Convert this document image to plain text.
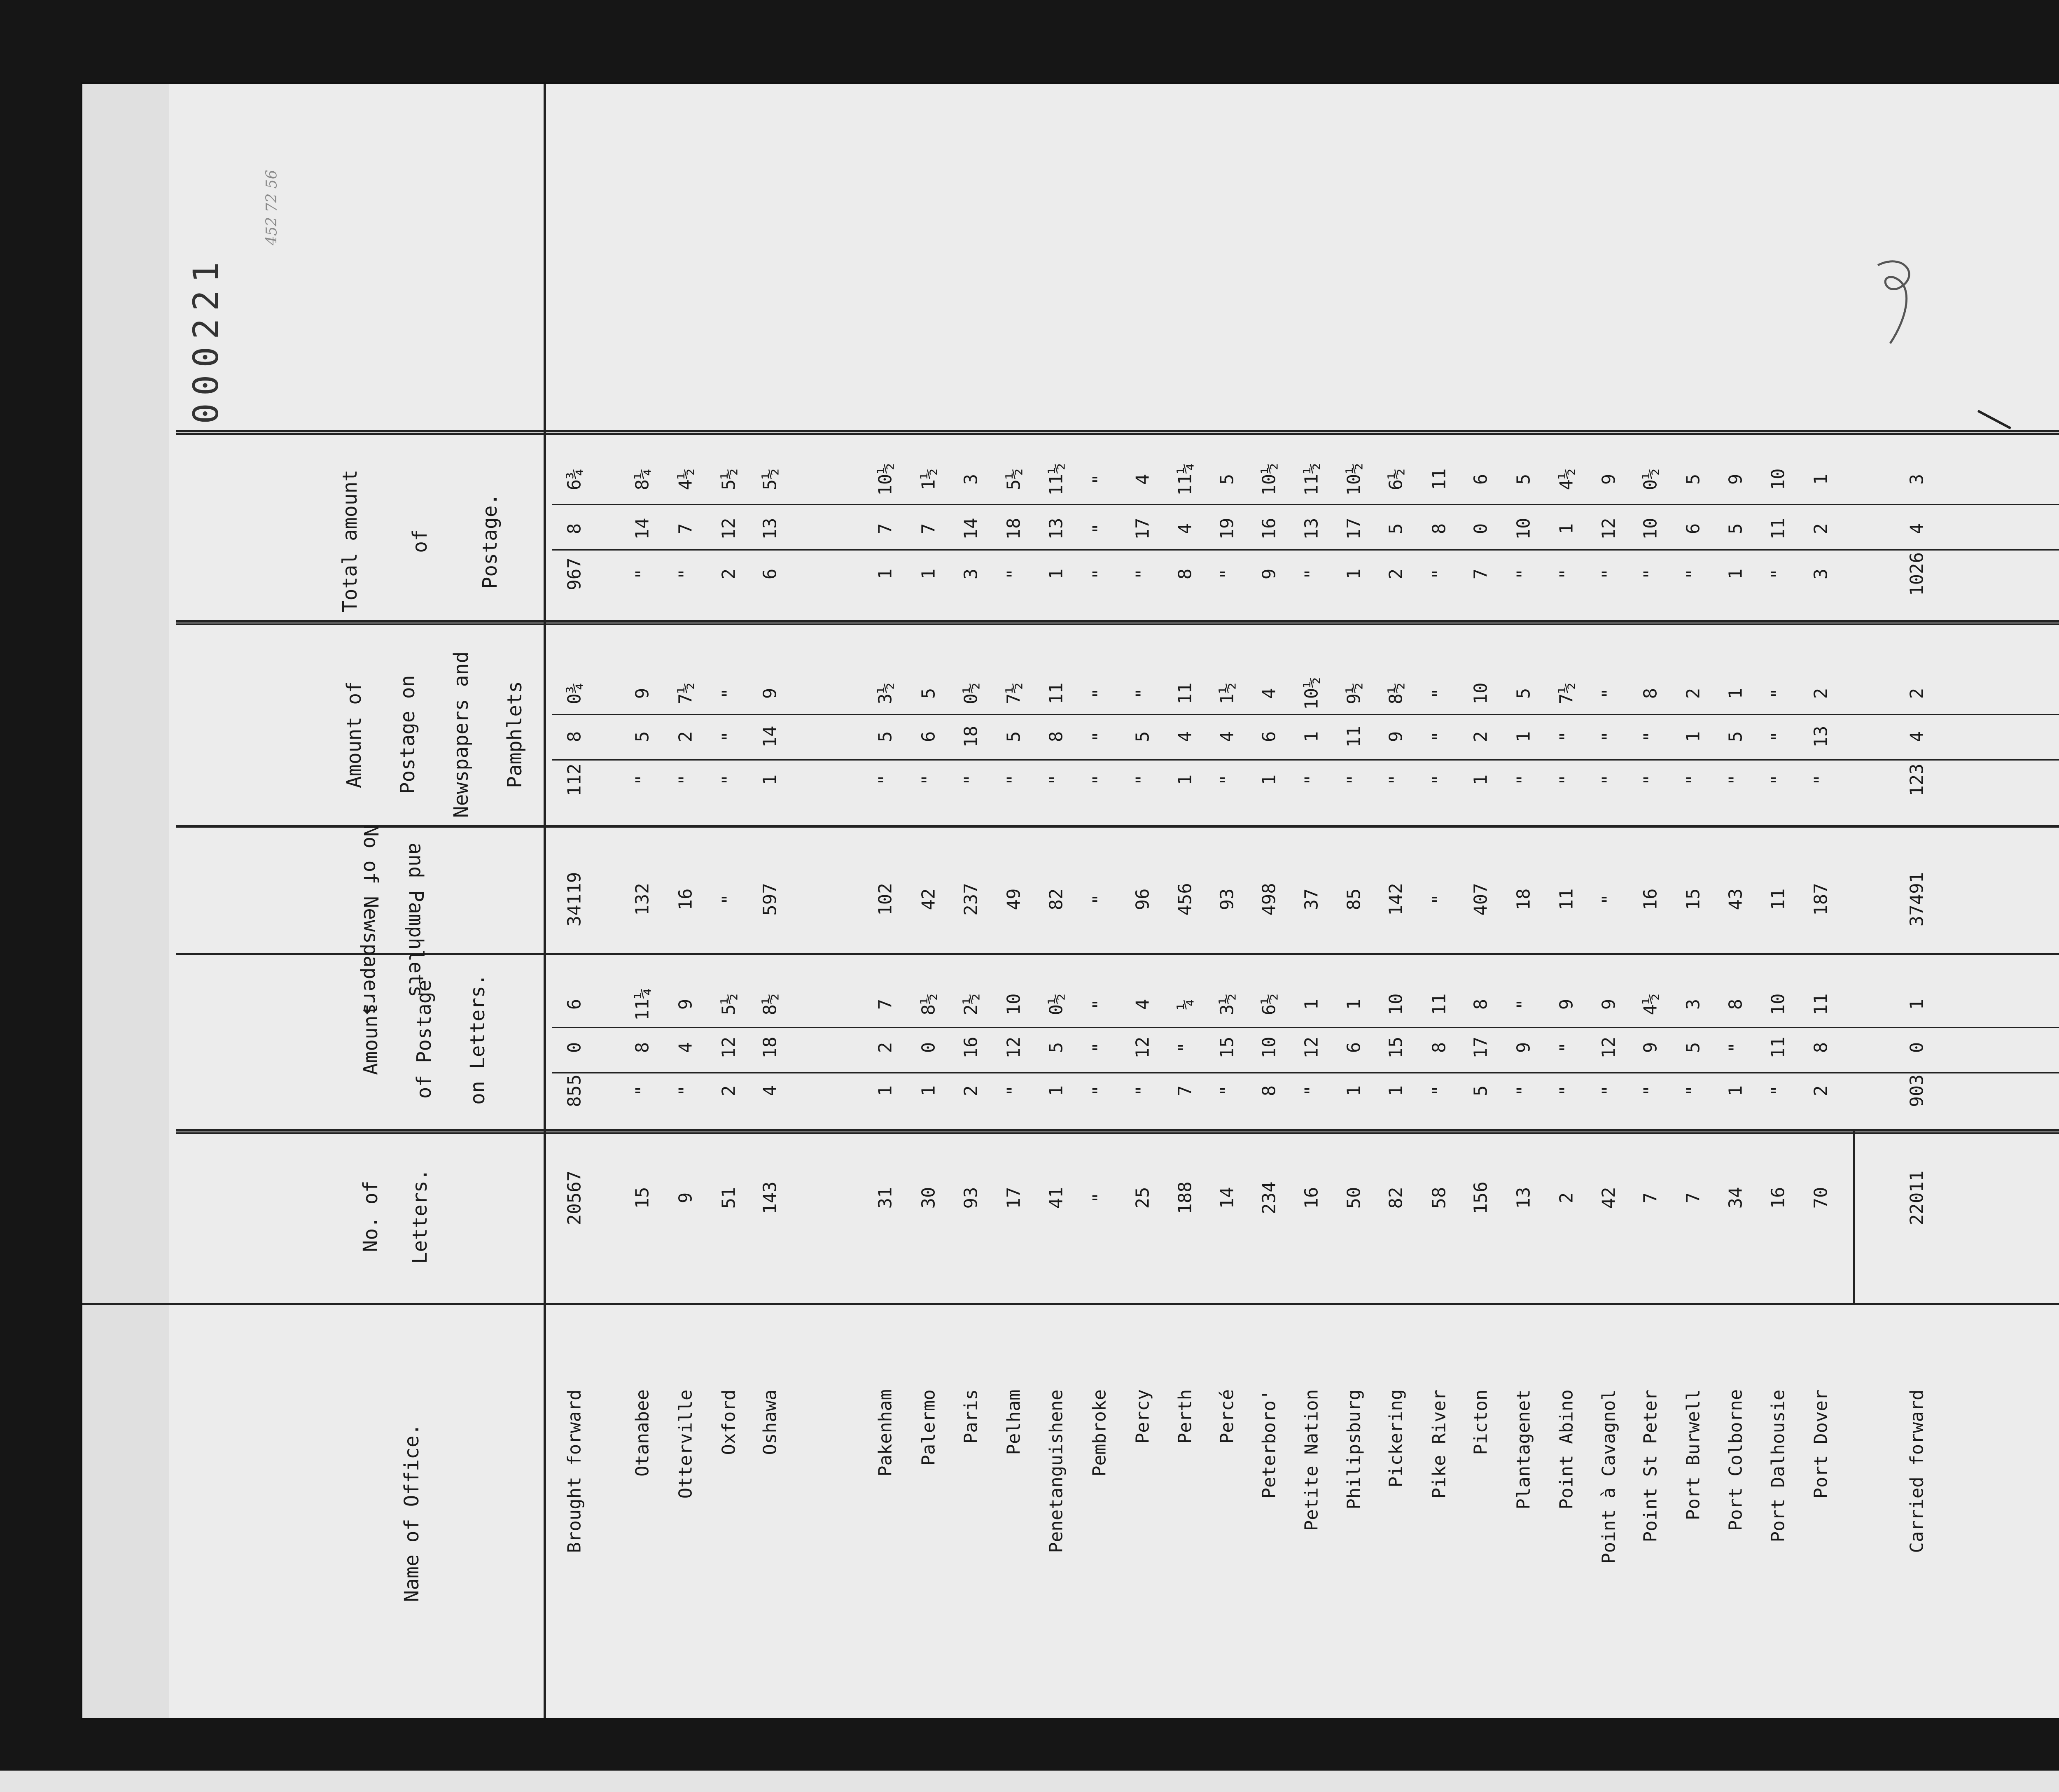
000221
452 72 56
Name of Office.
No. of Letters.
Amount of Postage on Letters.
No of Newspapers and Pamphlets
Amount of Postage on Newspapers and Pamphlets
Total amount of Postage.
Brought forward
20567
855
0
6
34119
112
8
0¾
967
8
6¾
Otanabee
15
"
8
11¼
132
"
5
9
"
14
8¼
Otterville
9
"
4
9
16
"
2
7½
"
7
4½
Oxford
51
2
12
5½
"
"
"
"
2
12
5½
Oshawa
143
4
18
8½
597
1
14
9
6
13
5½
Pakenham
31
1
2
7
102
"
5
3½
1
7
10½
Palermo
30
1
0
8½
42
"
6
5
1
7
1½
Paris
93
2
16
2½
237
"
18
0½
3
14
3
Pelham
17
"
12
10
49
"
5
7½
"
18
5½
Penetanguishene
41
1
5
0½
82
"
8
11
1
13
11½
Pembroke
"
"
"
"
"
"
"
"
"
"
"
Percy
25
"
12
4
96
"
5
"
"
17
4
Perth
188
7
"
¼
456
1
4
11
8
4
11¼
Percé
14
"
15
3½
93
"
4
1½
"
19
5
Peterboro'
234
8
10
6½
498
1
6
4
9
16
10½
Petite Nation
16
"
12
1
37
"
1
10½
"
13
11½
Philipsburg
50
1
6
1
85
"
11
9½
1
17
10½
Pickering
82
1
15
10
142
"
9
8½
2
5
6½
Pike River
58
"
8
11
"
"
"
"
"
8
11
Picton
156
5
17
8
407
1
2
10
7
0
6
Plantagenet
13
"
9
"
18
"
1
5
"
10
5
Point Abino
2
"
"
9
11
"
"
7½
"
1
4½
Point à Cavagnol
42
"
12
9
"
"
"
"
"
12
9
Point St Peter
7
"
9
4½
16
"
"
8
"
10
0½
Port Burwell
7
"
5
3
15
"
1
2
"
6
5
Port Colborne
34
1
"
8
43
"
5
1
1
5
9
Port Dalhousie
16
"
11
10
11
"
"
"
"
11
10
Port Dover
70
2
8
11
187
"
13
2
3
2
1
Carried forward
22011
903
0
1
37491
123
4
2
1026
4
3
